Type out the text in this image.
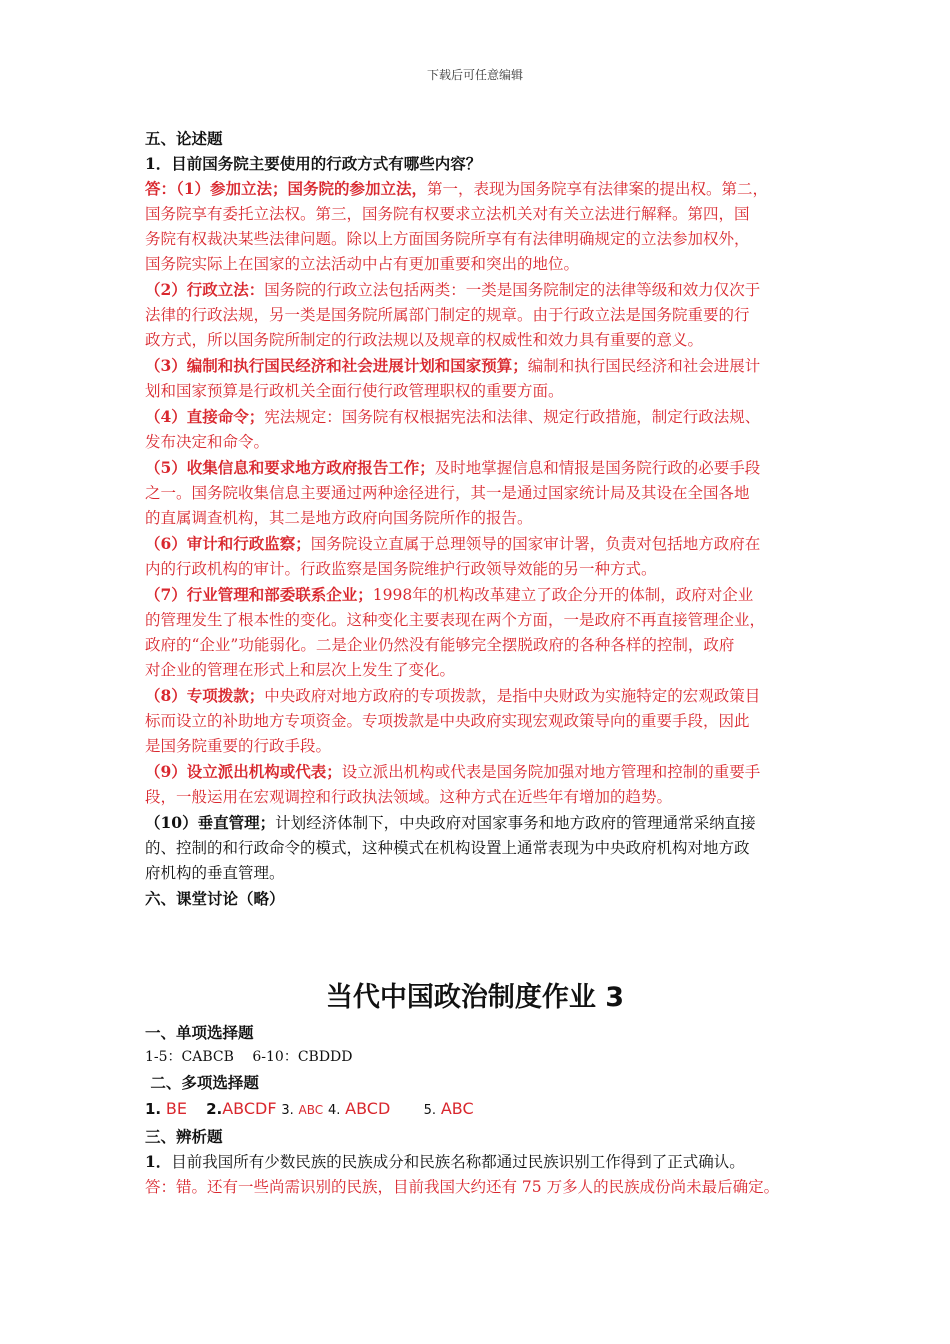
下载后可任意编辑
五、论述题
1．目前国务院主要使用的行政方式有哪些内容？
答：（1）参加立法；国务院的参加立法，第一，表现为国务院享有法律案的提出权。第二，
国务院享有委托立法权。第三，国务院有权要求立法机关对有关立法进行解释。第四，国
务院有权裁决某些法律问题。除以上方面国务院所享有有法律明确规定的立法参加权外，
国务院实际上在国家的立法活动中占有更加重要和突出的地位。
（2）行政立法：国务院的行政立法包括两类：一类是国务院制定的法律等级和效力仅次于
法律的行政法规，另一类是国务院所属部门制定的规章。由于行政立法是国务院重要的行
政方式，所以国务院所制定的行政法规以及规章的权威性和效力具有重要的意义。
（3）编制和执行国民经济和社会进展计划和国家预算；编制和执行国民经济和社会进展计
划和国家预算是行政机关全面行使行政管理职权的重要方面。
（4）直接命令；宪法规定：国务院有权根据宪法和法律、规定行政措施，制定行政法规、
发布决定和命令。
（5）收集信息和要求地方政府报告工作；及时地掌握信息和情报是国务院行政的必要手段
之一。国务院收集信息主要通过两种途径进行，其一是通过国家统计局及其设在全国各地
的直属调查机构，其二是地方政府向国务院所作的报告。
（6）审计和行政监察；国务院设立直属于总理领导的国家审计署，负责对包括地方政府在
内的行政机构的审计。行政监察是国务院维护行政领导效能的另一种方式。
（7）行业管理和部委联系企业；1998年的机构改革建立了政企分开的体制，政府对企业
的管理发生了根本性的变化。这种变化主要表现在两个方面，一是政府不再直接管理企业，
政府的“企业”功能弱化。二是企业仍然没有能够完全摆脱政府的各种各样的控制，政府
对企业的管理在形式上和层次上发生了变化。
（8）专项拨款；中央政府对地方政府的专项拨款，是指中央财政为实施特定的宏观政策目
标而设立的补助地方专项资金。专项拨款是中央政府实现宏观政策导向的重要手段，因此
是国务院重要的行政手段。
（9）设立派出机构或代表；设立派出机构或代表是国务院加强对地方管理和控制的重要手
段，一般运用在宏观调控和行政执法领域。这种方式在近些年有增加的趋势。
（10）垂直管理；计划经济体制下，中央政府对国家事务和地方政府的管理通常采纳直接
的、控制的和行政命令的模式，这种模式在机构设置上通常表现为中央政府机构对地方政
府机构的垂直管理。
六、课堂讨论（略）
当代中国政治制度作业 3
一、单项选择题
1-5：CABCB　 6-10：CBDDD
二、多项选择题
1. BE 2.ABCDF 3. ABC 4. ABCD	5. ABC
三、辨析题
1．目前我国所有少数民族的民族成分和民族名称都通过民族识别工作得到了正式确认。
答：错。还有一些尚需识别的民族，目前我国大约还有 75 万多人的民族成份尚未最后确定。
